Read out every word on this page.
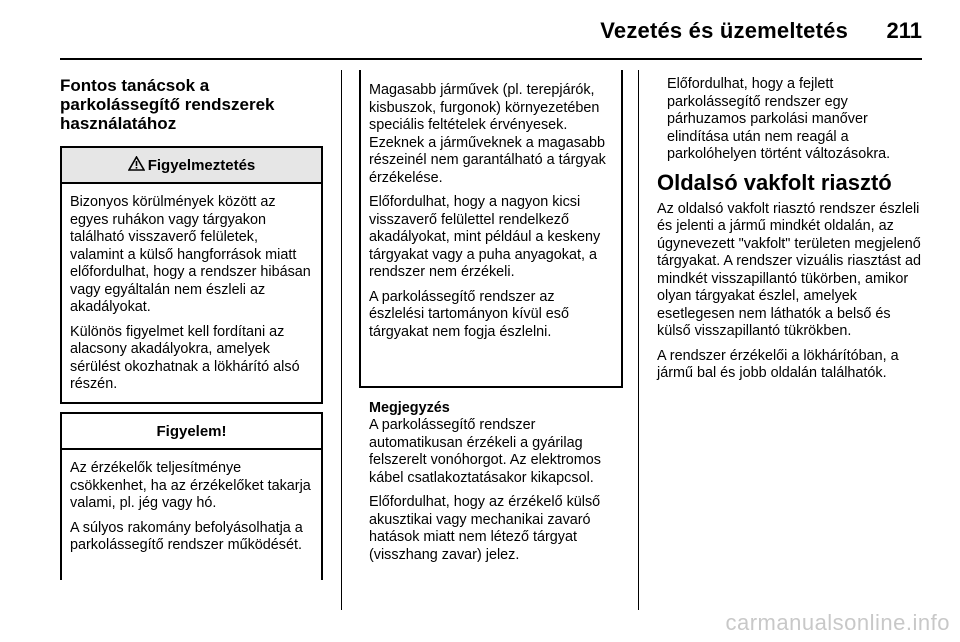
Vezetés és üzemeltetés 211
Fontos tanácsok a parkolássegítő rendszerek használatához
Figyelmeztetés

Bizonyos körülmények között az egyes ruhákon vagy tárgyakon található visszaverő felületek, valamint a külső hangforrások miatt előfordulhat, hogy a rendszer hibásan vagy egyáltalán nem észleli az akadályokat.

Különös figyelmet kell fordítani az alacsony akadályokra, amelyek sérülést okozhatnak a lökhárító alsó részén.

Figyelem!

Az érzékelők teljesítménye csökkenhet, ha az érzékelőket takarja valami, pl. jég vagy hó.

A súlyos rakomány befolyásolhatja a parkolássegítő rendszer működését.

Magasabb járművek (pl. terepjárók, kisbuszok, furgonok) környezetében speciális feltételek érvényesek. Ezeknek a járműveknek a magasabb részeinél nem garantálható a tárgyak érzékelése.

Előfordulhat, hogy a nagyon kicsi visszaverő felülettel rendelkező akadályokat, mint például a keskeny tárgyakat vagy a puha anyagokat, a rendszer nem érzékeli.

A parkolássegítő rendszer az észlelési tartományon kívül eső tárgyakat nem fogja észlelni.

Megjegyzés

A parkolássegítő rendszer automatikusan érzékeli a gyárilag felszerelt vonóhorgot. Az elektromos kábel csatlakoztatásakor kikapcsol.

Előfordulhat, hogy az érzékelő külső akusztikai vagy mechanikai zavaró hatások miatt nem létező tárgyat (visszhang zavar) jelez.

Előfordulhat, hogy a fejlett parkolássegítő rendszer egy párhuzamos parkolási manőver elindítása után nem reagál a parkolóhelyen történt változásokra.

Oldalsó vakfolt riasztó

Az oldalsó vakfolt riasztó rendszer észleli és jelenti a jármű mindkét oldalán, az úgynevezett "vakfolt" területen megjelenő tárgyakat. A rendszer vizuális riasztást ad mindkét visszapillantó tükörben, amikor olyan tárgyakat észlel, amelyek esetlegesen nem láthatók a belső és külső visszapillantó tükrökben.

A rendszer érzékelői a lökhárítóban, a jármű bal és jobb oldalán találhatók.

carmanualsonline.info
